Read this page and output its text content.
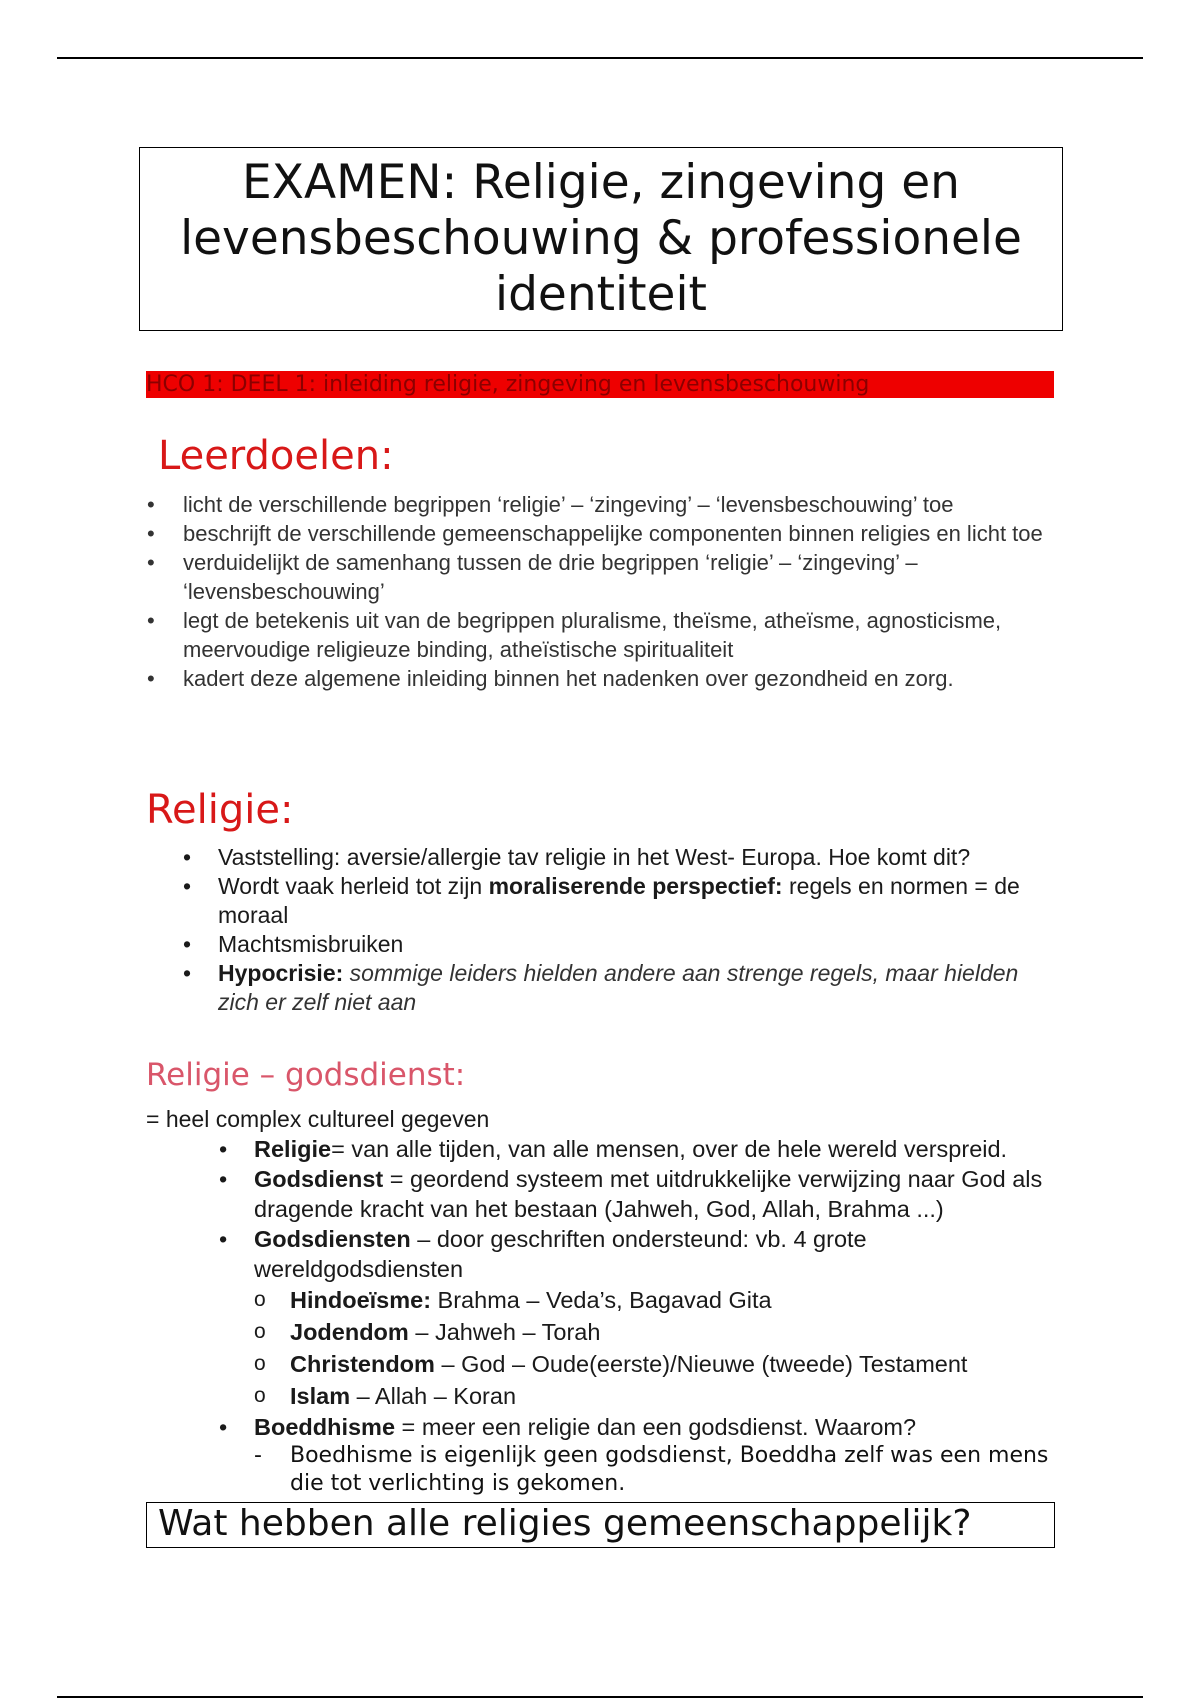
EXAMEN: Religie, zingeving en levensbeschouwing & professionele identiteit
HCO 1: DEEL 1: inleiding religie, zingeving en levensbeschouwing
Leerdoelen:
• licht de verschillende begrippen ‘religie’ – ‘zingeving’ – ‘levensbeschouwing’ toe
• beschrijft de verschillende gemeenschappelijke componenten binnen religies en licht toe
• verduidelijkt de samenhang tussen de drie begrippen ‘religie’ – ‘zingeving’ – ‘levensbeschouwing’
• legt de betekenis uit van de begrippen pluralisme, theïsme, atheïsme, agnosticisme, meervoudige religieuze binding, atheïstische spiritualiteit
• kadert deze algemene inleiding binnen het nadenken over gezondheid en zorg.
Religie:
• Vaststelling: aversie/allergie tav religie in het West- Europa. Hoe komt dit?
• Wordt vaak herleid tot zijn moraliserende perspectief: regels en normen = de moraal
• Machtsmisbruiken
• Hypocrisie: sommige leiders hielden andere aan strenge regels, maar hielden zich er zelf niet aan
Religie – godsdienst:
= heel complex cultureel gegeven
• Religie= van alle tijden, van alle mensen, over de hele wereld verspreid.
• Godsdienst = geordend systeem met uitdrukkelijke verwijzing naar God als dragende kracht van het bestaan (Jahweh, God, Allah, Brahma ...)
• Godsdiensten – door geschriften ondersteund: vb. 4 grote wereldgodsdiensten
o Hindoeïsme: Brahma – Veda’s, Bagavad Gita
o Jodendom – Jahweh – Torah
o Christendom – God – Oude(eerste)/Nieuwe (tweede) Testament
o Islam – Allah – Koran
• Boeddhisme = meer een religie dan een godsdienst. Waarom?
- Boedhisme is eigenlijk geen godsdienst, Boeddha zelf was een mens die tot verlichting is gekomen.
Wat hebben alle religies gemeenschappelijk?
